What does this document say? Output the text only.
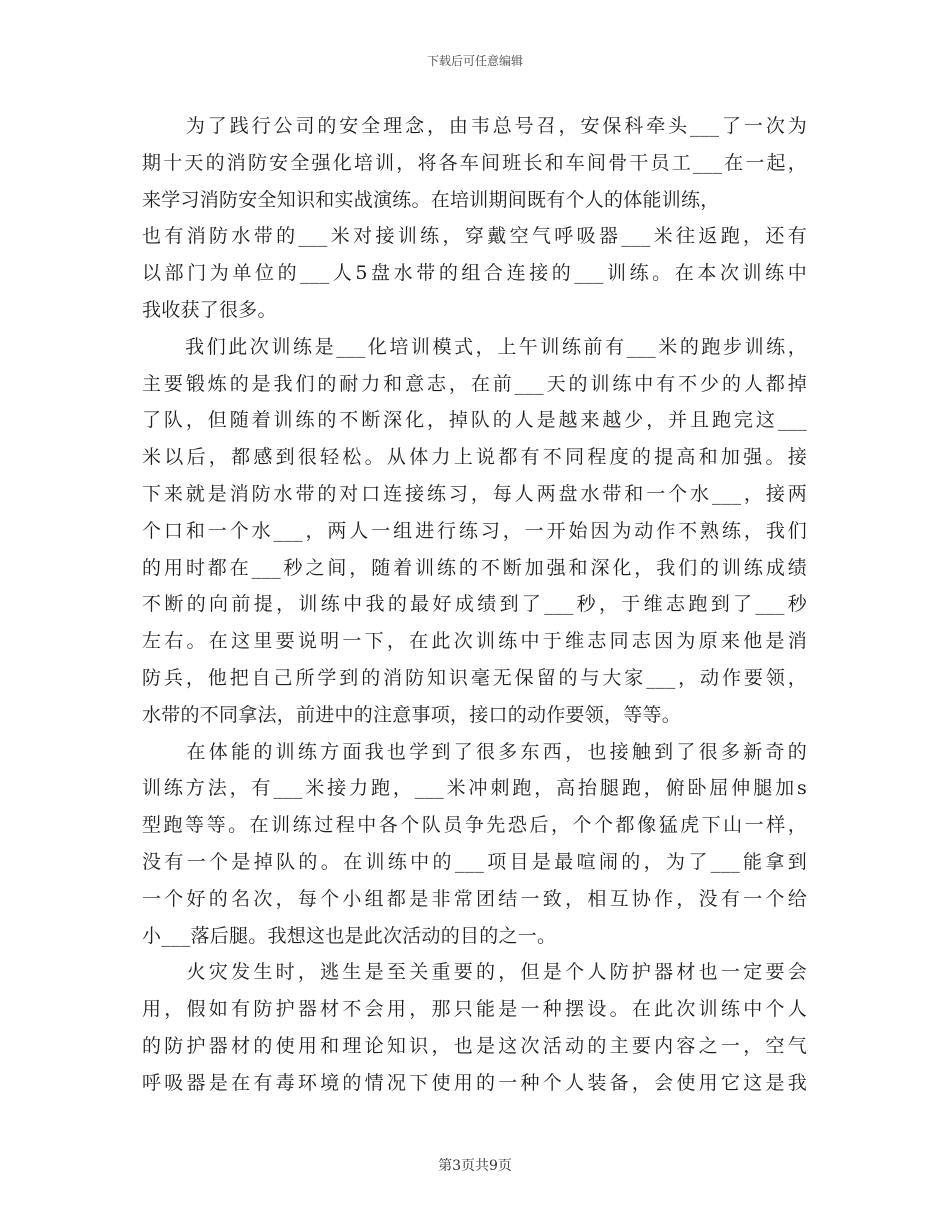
下载后可任意编辑
　　为了践行公司的安全理念，由韦总号召，安保科牵头___了一次为
期十天的消防安全强化培训，将各车间班长和车间骨干员工___在一起，
来学习消防安全知识和实战演练。在培训期间既有个人的体能训练，
也有消防水带的___米对接训练，穿戴空气呼吸器___米往返跑，还有
以部门为单位的___人5盘水带的组合连接的___训练。在本次训练中
我收获了很多。
　　我们此次训练是___化培训模式，上午训练前有___米的跑步训练，
主要锻炼的是我们的耐力和意志，在前___天的训练中有不少的人都掉
了队，但随着训练的不断深化，掉队的人是越来越少，并且跑完这___
米以后，都感到很轻松。从体力上说都有不同程度的提高和加强。接
下来就是消防水带的对口连接练习，每人两盘水带和一个水___，接两
个口和一个水___，两人一组进行练习，一开始因为动作不熟练，我们
的用时都在___秒之间，随着训练的不断加强和深化，我们的训练成绩
不断的向前提，训练中我的最好成绩到了___秒，于维志跑到了___秒
左右。在这里要说明一下，在此次训练中于维志同志因为原来他是消
防兵，他把自己所学到的消防知识毫无保留的与大家___，动作要领，
水带的不同拿法，前进中的注意事项，接口的动作要领，等等。
　　在体能的训练方面我也学到了很多东西，也接触到了很多新奇的
训练方法，有___米接力跑，___米冲刺跑，高抬腿跑，俯卧屈伸腿加s
型跑等等。在训练过程中各个队员争先恐后，个个都像猛虎下山一样，
没有一个是掉队的。在训练中的___项目是最喧闹的，为了___能拿到
一个好的名次，每个小组都是非常团结一致，相互协作，没有一个给
小___落后腿。我想这也是此次活动的目的之一。
　　火灾发生时，逃生是至关重要的，但是个人防护器材也一定要会
用，假如有防护器材不会用，那只能是一种摆设。在此次训练中个人
的防护器材的使用和理论知识，也是这次活动的主要内容之一，空气
呼吸器是在有毒环境的情况下使用的一种个人装备，会使用它这是我
第3页共9页
